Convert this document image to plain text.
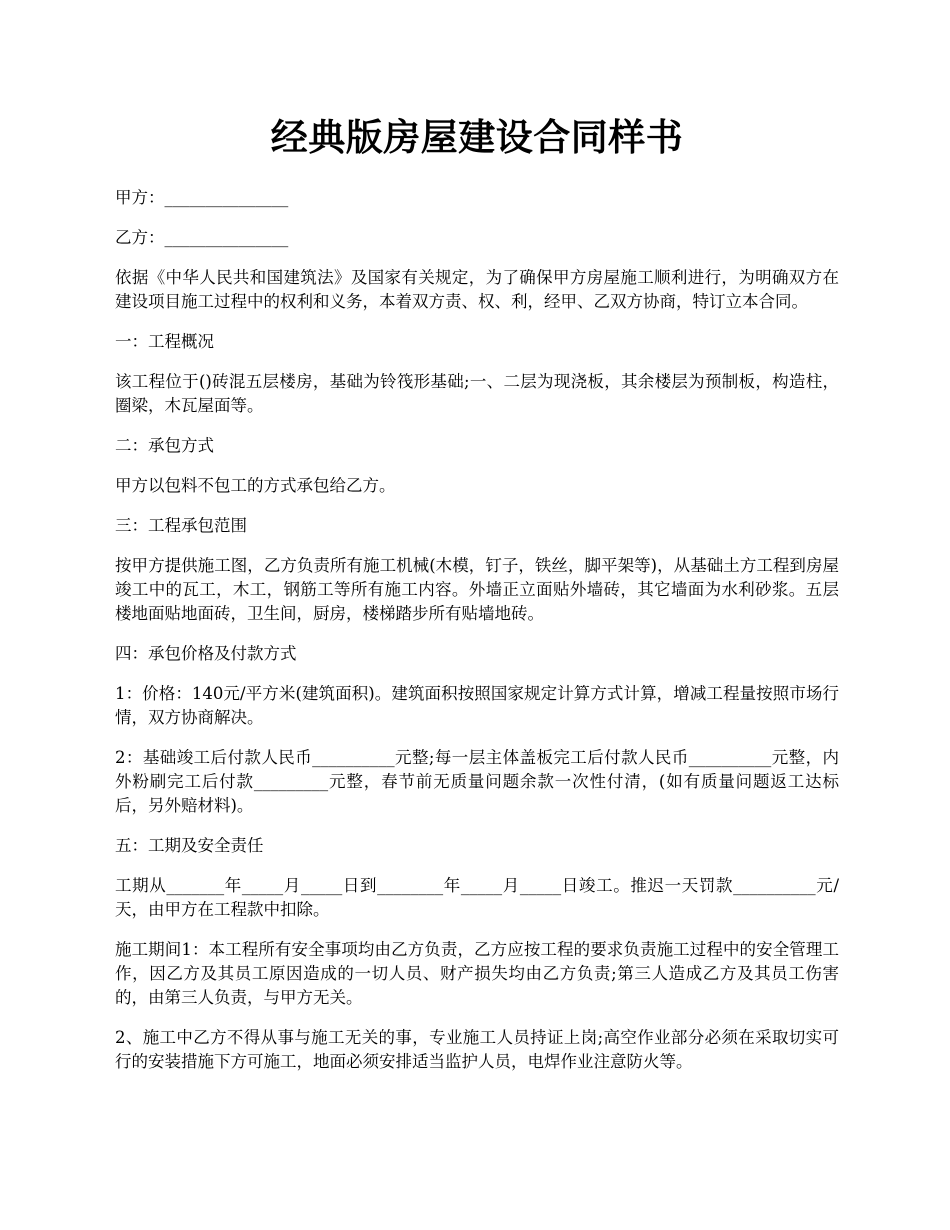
经典版房屋建设合同样书

甲方：_______________

乙方：_______________

依据《中华人民共和国建筑法》及国家有关规定，为了确保甲方房屋施工顺利进行，为明确双方在建设项目施工过程中的权利和义务，本着双方责、权、利，经甲、乙双方协商，特订立本合同。

一：工程概况

该工程位于()砖混五层楼房，基础为铃筏形基础;一、二层为现浇板，其余楼层为预制板，构造柱，圈梁，木瓦屋面等。

二：承包方式

甲方以包料不包工的方式承包给乙方。

三：工程承包范围

按甲方提供施工图，乙方负责所有施工机械(木模，钉子，铁丝，脚平架等)，从基础土方工程到房屋竣工中的瓦工，木工，钢筋工等所有施工内容。外墙正立面贴外墙砖，其它墙面为水利砂浆。五层楼地面贴地面砖，卫生间，厨房，楼梯踏步所有贴墙地砖。

四：承包价格及付款方式

1：价格：140元/平方米(建筑面积)。建筑面积按照国家规定计算方式计算，增减工程量按照市场行情，双方协商解决。

2：基础竣工后付款人民币__________元整;每一层主体盖板完工后付款人民币__________元整，内外粉刷完工后付款_________元整，春节前无质量问题余款一次性付清，(如有质量问题返工达标后，另外赔材料)。

五：工期及安全责任

工期从_______年_____月_____日到________年_____月_____日竣工。推迟一天罚款__________元/天，由甲方在工程款中扣除。

施工期间1：本工程所有安全事项均由乙方负责，乙方应按工程的要求负责施工过程中的安全管理工作，因乙方及其员工原因造成的一切人员、财产损失均由乙方负责;第三人造成乙方及其员工伤害的，由第三人负责，与甲方无关。

2、施工中乙方不得从事与施工无关的事，专业施工人员持证上岗;高空作业部分必须在采取切实可行的安装措施下方可施工，地面必须安排适当监护人员，电焊作业注意防火等。
